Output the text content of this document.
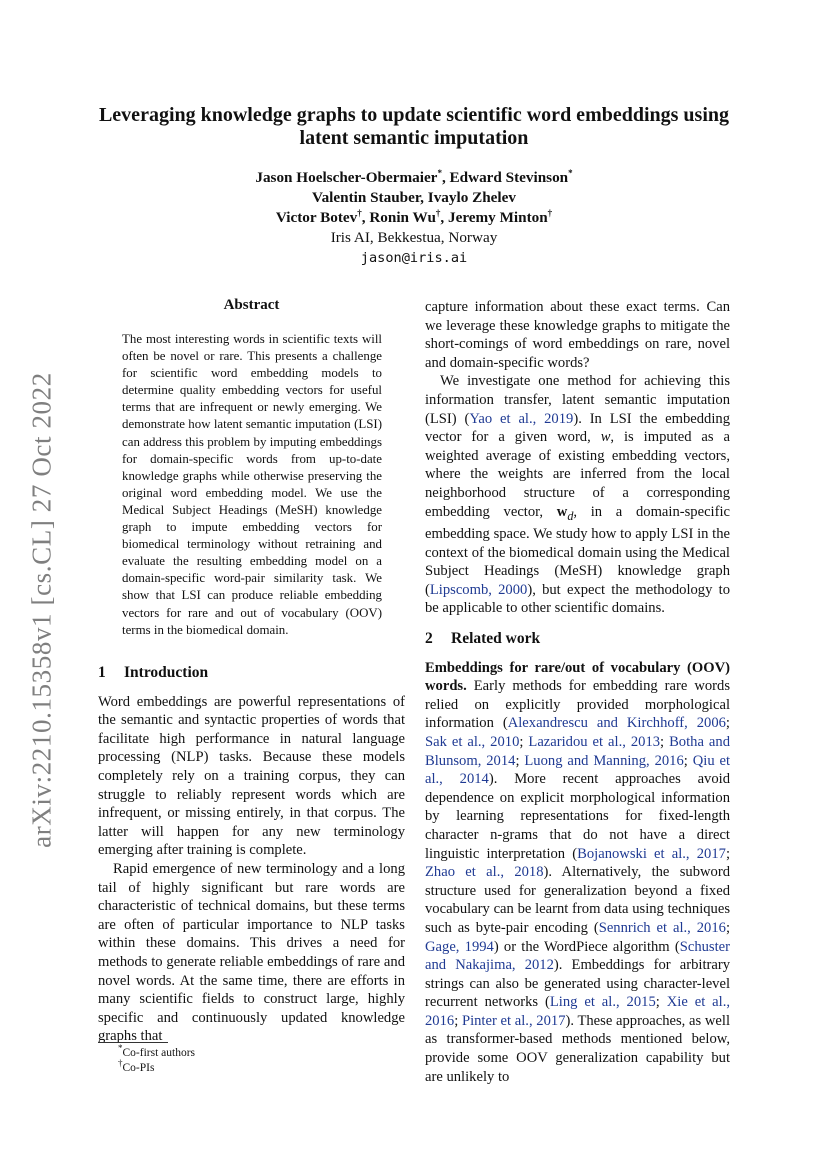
arXiv:2210.15358v1 [cs.CL] 27 Oct 2022
Leveraging knowledge graphs to update scientific word embeddings using
latent semantic imputation
Jason Hoelscher-Obermaier*, Edward Stevinson*
Valentin Stauber, Ivaylo Zhelev
Victor Botev†, Ronin Wu†, Jeremy Minton†
Iris AI, Bekkestua, Norway
jason@iris.ai
Abstract

The most interesting words in scientific texts will often be novel or rare. This presents a challenge for scientific word embedding models to determine quality embedding vectors for useful terms that are infrequent or newly emerging. We demonstrate how latent semantic imputation (LSI) can address this problem by imputing embeddings for domain-specific words from up-to-date knowledge graphs while otherwise preserving the original word embedding model. We use the Medical Subject Headings (MeSH) knowledge graph to impute embedding vectors for biomedical terminology without retraining and evaluate the resulting embedding model on a domain-specific word-pair similarity task. We show that LSI can produce reliable embedding vectors for rare and out of vocabulary (OOV) terms in the biomedical domain.

1 Introduction

Word embeddings are powerful representations of the semantic and syntactic properties of words that facilitate high performance in natural language processing (NLP) tasks. Because these models completely rely on a training corpus, they can struggle to reliably represent words which are infrequent, or missing entirely, in that corpus. The latter will happen for any new terminology emerging after training is complete.

Rapid emergence of new terminology and a long tail of highly significant but rare words are characteristic of technical domains, but these terms are often of particular importance to NLP tasks within these domains. This drives a need for methods to generate reliable embeddings of rare and novel words. At the same time, there are efforts in many scientific fields to construct large, highly specific and continuously updated knowledge graphs that

*Co-first authors
†Co-PIs

capture information about these exact terms. Can we leverage these knowledge graphs to mitigate the short-comings of word embeddings on rare, novel and domain-specific words?

We investigate one method for achieving this information transfer, latent semantic imputation (LSI) (Yao et al., 2019). In LSI the embedding vector for a given word, w, is imputed as a weighted average of existing embedding vectors, where the weights are inferred from the local neighborhood structure of a corresponding embedding vector, $w_d$, in a domain-specific embedding space. We study how to apply LSI in the context of the biomedical domain using the Medical Subject Headings (MeSH) knowledge graph (Lipscomb, 2000), but expect the methodology to be applicable to other scientific domains.

2 Related work

Embeddings for rare/out of vocabulary (OOV) words. Early methods for embedding rare words relied on explicitly provided morphological information (Alexandrescu and Kirchhoff, 2006; Sak et al., 2010; Lazaridou et al., 2013; Botha and Blunsom, 2014; Luong and Manning, 2016; Qiu et al., 2014). More recent approaches avoid dependence on explicit morphological information by learning representations for fixed-length character n-grams that do not have a direct linguistic interpretation (Bojanowski et al., 2017; Zhao et al., 2018). Alternatively, the subword structure used for generalization beyond a fixed vocabulary can be learnt from data using techniques such as byte-pair encoding (Sennrich et al., 2016; Gage, 1994) or the WordPiece algorithm (Schuster and Nakajima, 2012). Embeddings for arbitrary strings can also be generated using character-level recurrent networks (Ling et al., 2015; Xie et al., 2016; Pinter et al., 2017). These approaches, as well as transformer-based methods mentioned below, provide some OOV generalization capability but are unlikely to
